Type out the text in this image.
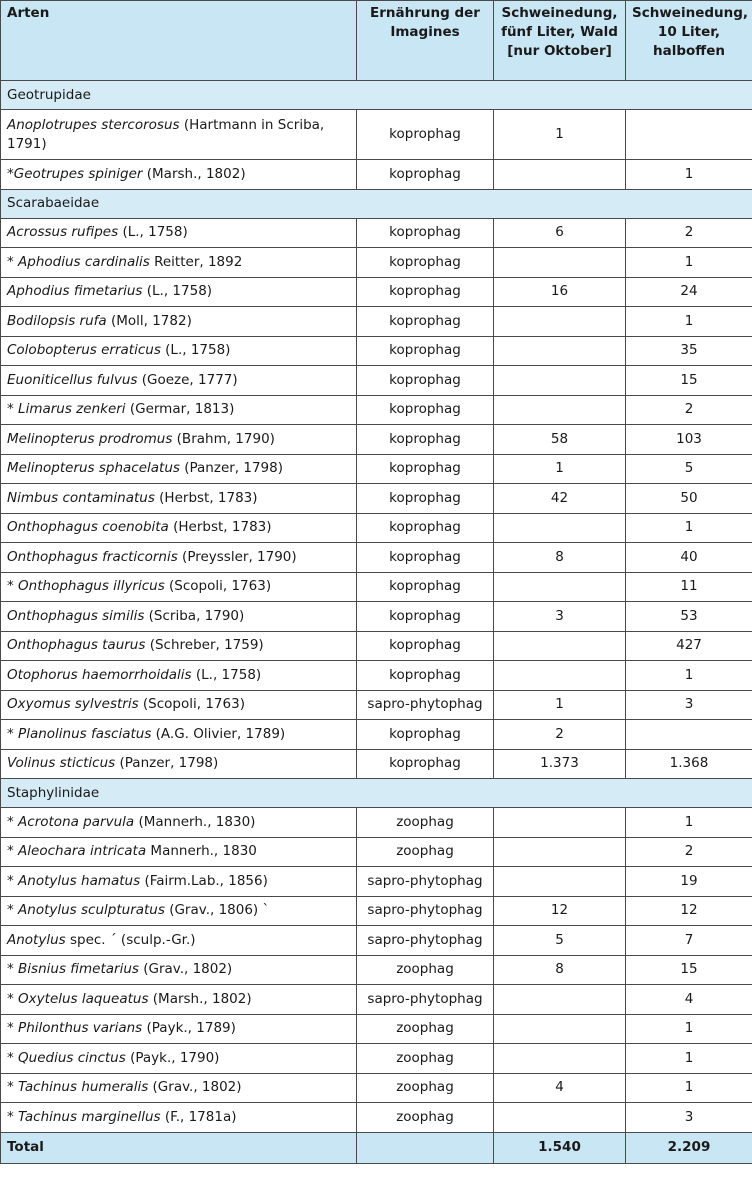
Arten	Ernährung der Imagines	Schweinedung, fünf Liter, Wald [nur Oktober]	Schweinedung, 10 Liter, halboffen
Geotrupidae			
Anoplotrupes stercorosus (Hartmann in Scriba, 1791)	koprophag	1	
*Geotrupes spiniger (Marsh., 1802)	koprophag		1
Scarabaeidae			
Acrossus rufipes (L., 1758)	koprophag	6	2
* Aphodius cardinalis Reitter, 1892	koprophag		1
Aphodius fimetarius (L., 1758)	koprophag	16	24
Bodilopsis rufa (Moll, 1782)	koprophag		1
Colobopterus erraticus (L., 1758)	koprophag		35
Euoniticellus fulvus (Goeze, 1777)	koprophag		15
* Limarus zenkeri (Germar, 1813)	koprophag		2
Melinopterus prodromus (Brahm, 1790)	koprophag	58	103
Melinopterus sphacelatus (Panzer, 1798)	koprophag	1	5
Nimbus contaminatus (Herbst, 1783)	koprophag	42	50
Onthophagus coenobita (Herbst, 1783)	koprophag		1
Onthophagus fracticornis (Preyssler, 1790)	koprophag	8	40
* Onthophagus illyricus (Scopoli, 1763)	koprophag		11
Onthophagus similis (Scriba, 1790)	koprophag	3	53
Onthophagus taurus (Schreber, 1759)	koprophag		427
Otophorus haemorrhoidalis (L., 1758)	koprophag		1
Oxyomus sylvestris (Scopoli, 1763)	sapro-phytophag	1	3
* Planolinus fasciatus (A.G. Olivier, 1789)	koprophag	2	
Volinus sticticus (Panzer, 1798)	koprophag	1.373	1.368
Staphylinidae			
* Acrotona parvula (Mannerh., 1830)	zoophag		1
* Aleochara intricata Mannerh., 1830	zoophag		2
* Anotylus hamatus (Fairm.Lab., 1856)	sapro-phytophag		19
* Anotylus sculpturatus (Grav., 1806) `	sapro-phytophag	12	12
Anotylus spec. ´ (sculp.-Gr.)	sapro-phytophag	5	7
* Bisnius fimetarius (Grav., 1802)	zoophag	8	15
* Oxytelus laqueatus (Marsh., 1802)	sapro-phytophag		4
* Philonthus varians (Payk., 1789)	zoophag		1
* Quedius cinctus (Payk., 1790)	zoophag		1
* Tachinus humeralis (Grav., 1802)	zoophag	4	1
* Tachinus marginellus (F., 1781a)	zoophag		3
Total		1.540	2.209
